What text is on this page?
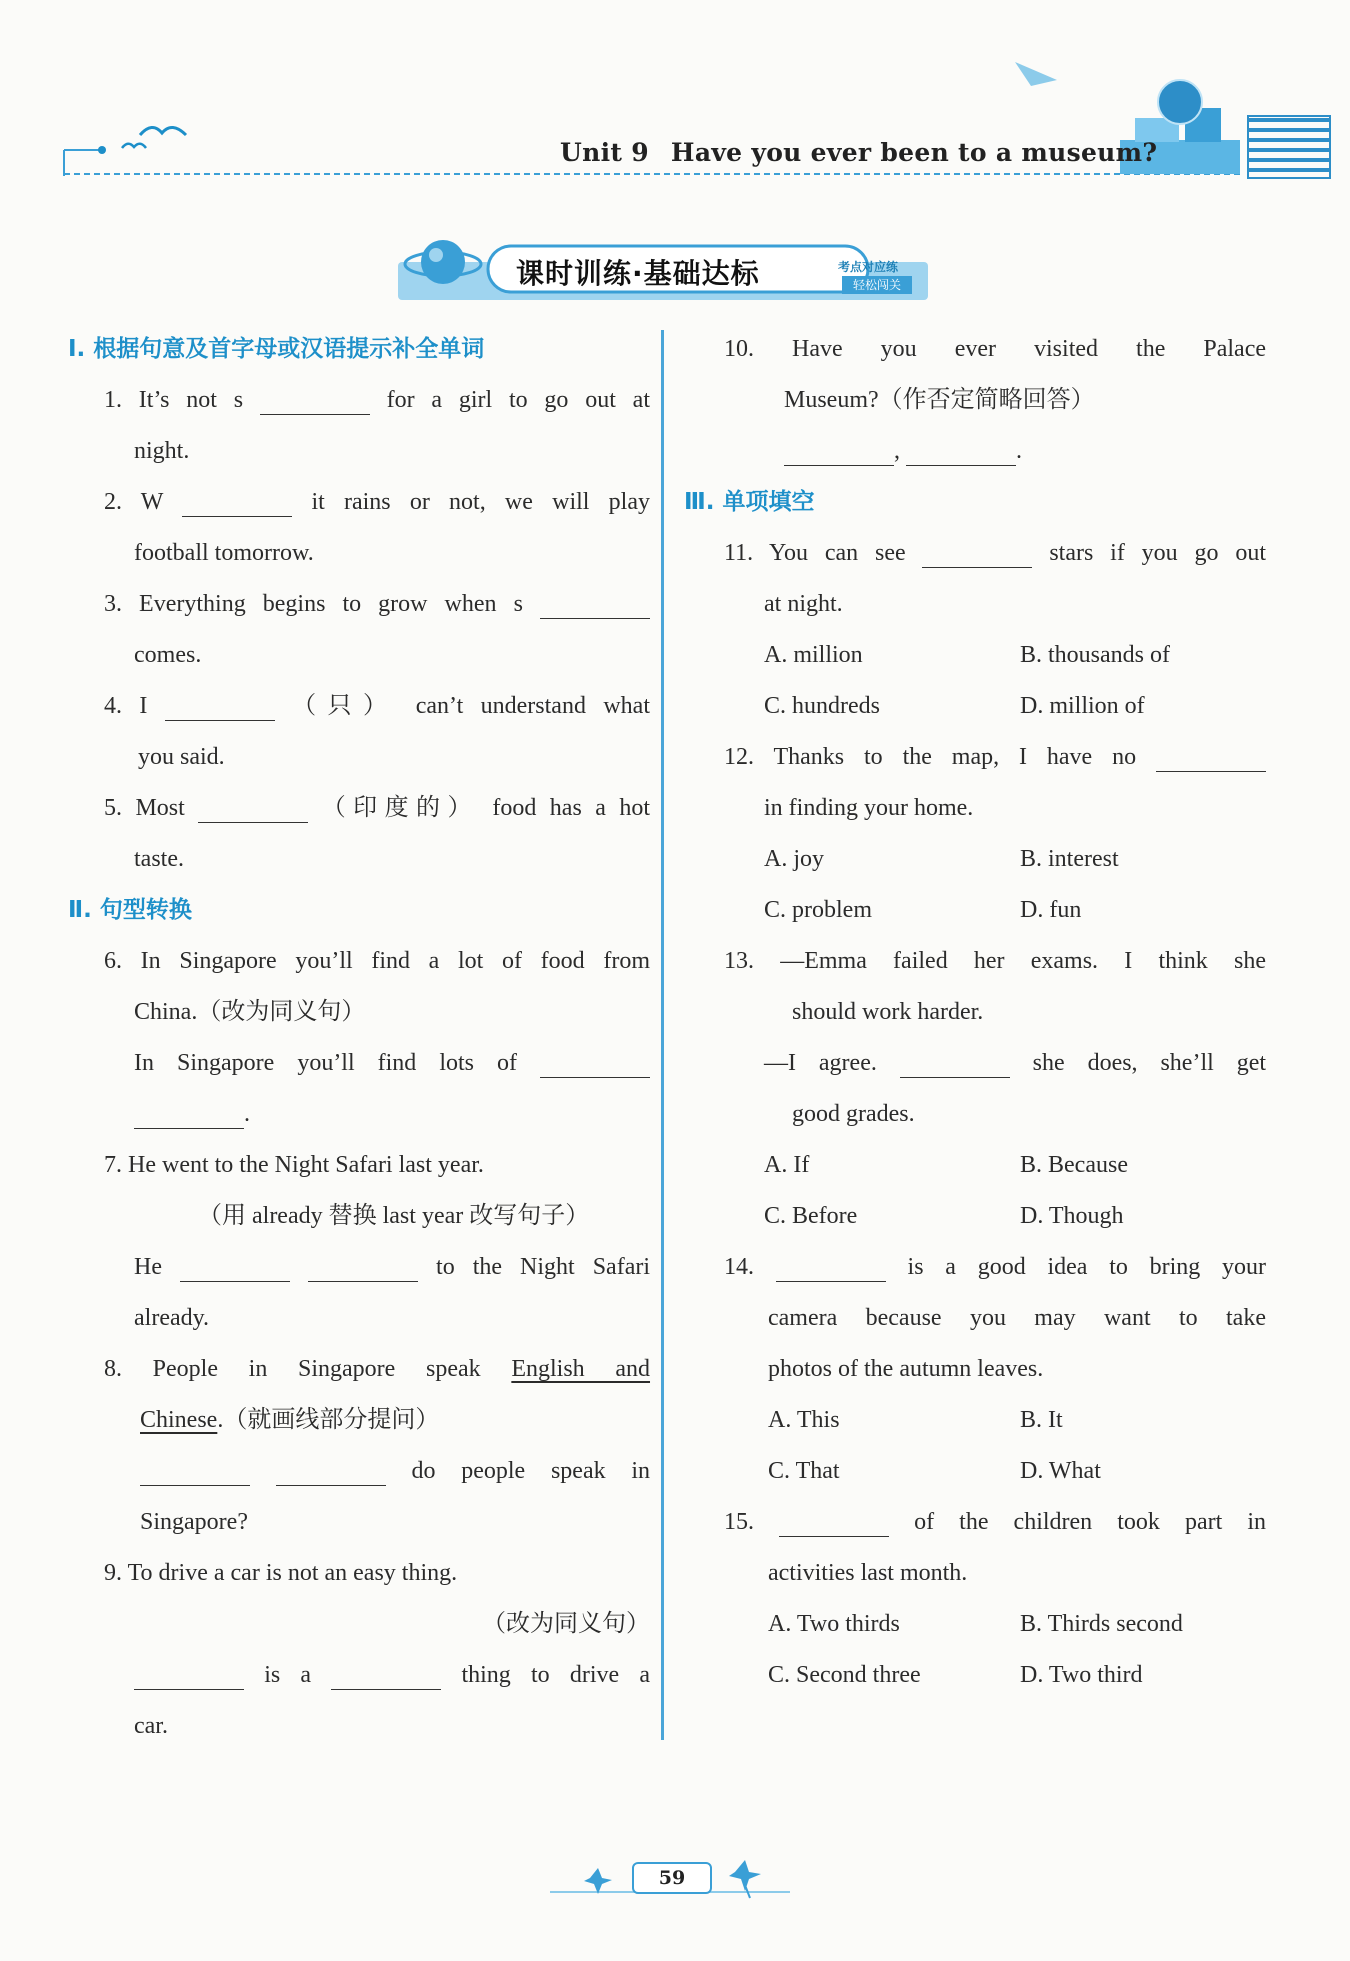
Unit 9 Have you ever been to a museum?
课时训练·基础达标	考点对应练
轻松闯关
Ⅰ. 根据句意及首字母或汉语提示补全单词
1. It’s not s	for a girl to go out at
night.
2. W	it rains or not, we will play
football tomorrow.
3. Everything begins to grow when s
comes.
4. I	（只） can’t understand what
you said.
5. Most	（印度的） food has a hot
taste.
Ⅱ. 句型转换
6. In Singapore you’ll find a lot of food from
China.（改为同义句）
In Singapore you’ll find lots of
.
7. He went to the Night Safari last year.
（用 already 替换 last year 改写句子）
He	to the Night Safari
already.
8. People in Singapore speak English and
Chinese.（就画线部分提问）
do people speak in
Singapore?
9. To drive a car is not an easy thing.
（改为同义句）
is a	thing to drive a
car.
10. Have you ever visited the Palace
Museum?（作否定简略回答）
,	.
Ⅲ. 单项填空
11. You can see	stars if you go out
at night.
A. million	B. thousands of
C. hundreds	D. million of
12. Thanks to the map, I have no
in finding your home.
A. joy	B. interest
C. problem	D. fun
13. —Emma failed her exams. I think she
should work harder.
—I agree.	she does, she’ll get
good grades.
A. If	B. Because
C. Before	D. Though
14.	is a good idea to bring your
camera because you may want to take
photos of the autumn leaves.
A. This	B. It
C. That	D. What
15.	of the children took part in
activities last month.
A. Two thirds	B. Thirds second
C. Second three	D. Two third
59
